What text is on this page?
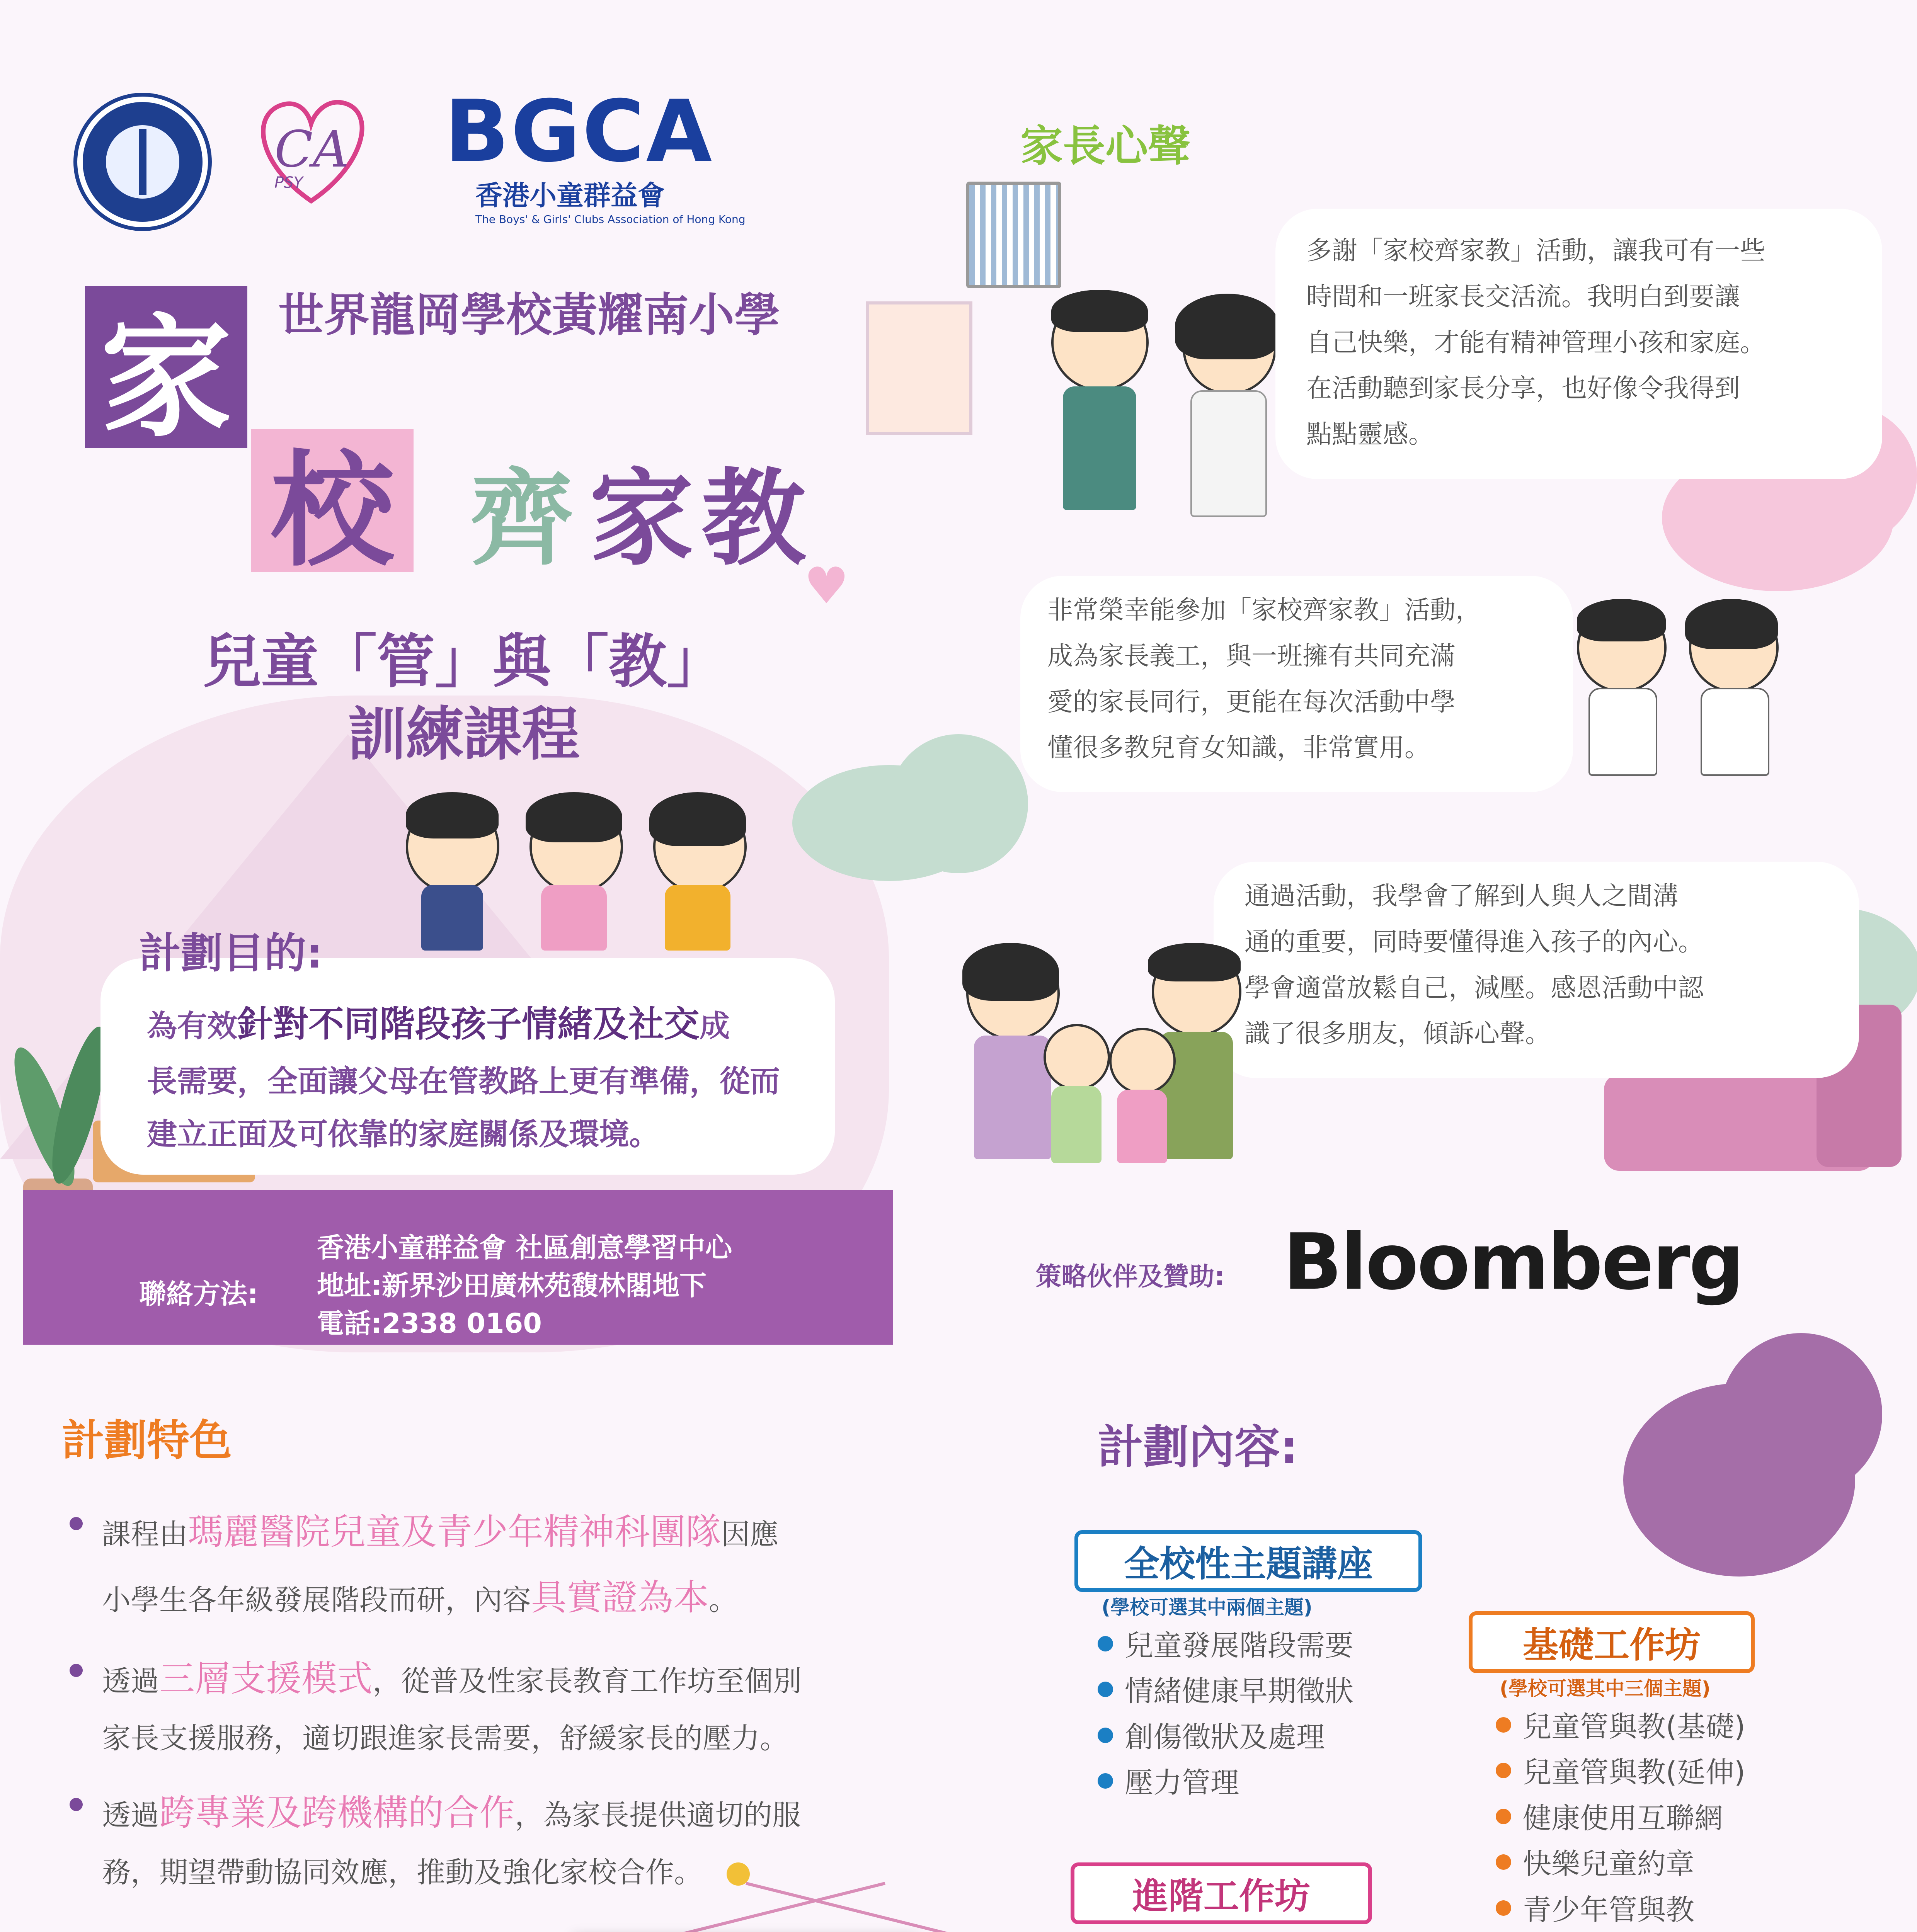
CA
PSY
BGCA
香港小童群益會
The Boys' & Girls' Clubs Association of Hong Kong
世界龍岡學校黃耀南小學
家
校 齊 家 教
♥
兒童「管」與「教」
訓練課程
計劃目的:
為有效針對不同階段孩子情緒及社交成
長需要，全面讓父母在管教路上更有準備，從而
建立正面及可依靠的家庭關係及環境。
聯絡方法:
香港小童群益會 社區創意學習中心
地址:新界沙田廣林苑馥林閣地下
電話:2338 0160
家長心聲
多謝「家校齊家教」活動，讓我可有一些
時間和一班家長交活流。我明白到要讓
自己快樂，才能有精神管理小孩和家庭。
在活動聽到家長分享，也好像令我得到
點點靈感。
非常榮幸能參加「家校齊家教」活動，
成為家長義工，與一班擁有共同充滿
愛的家長同行，更能在每次活動中學
懂很多教兒育女知識，非常實用。
通過活動，我學會了解到人與人之間溝
通的重要，同時要懂得進入孩子的內心。
學會適當放鬆自己，減壓。感恩活動中認
識了很多朋友，傾訴心聲。
策略伙伴及贊助: Bloomberg
計劃特色
課程由瑪麗醫院兒童及青少年精神科團隊因應
小學生各年級發展階段而研，內容具實證為本。
透過三層支援模式，從普及性家長教育工作坊至個別
家長支援服務，適切跟進家長需要，舒緩家長的壓力。
透過跨專業及跨機構的合作，為家長提供適切的服
務，期望帶動協同效應，推動及強化家校合作。
計劃內容:
全校性主題講座
(學校可選其中兩個主題)
兒童發展階段需要
情緒健康早期徵狀
創傷徵狀及處理
壓力管理
基礎工作坊
(學校可選其中三個主題)
兒童管與教(基礎)
兒童管與教(延伸)
健康使用互聯網
快樂兒童約章
青少年管與教
進階工作坊
